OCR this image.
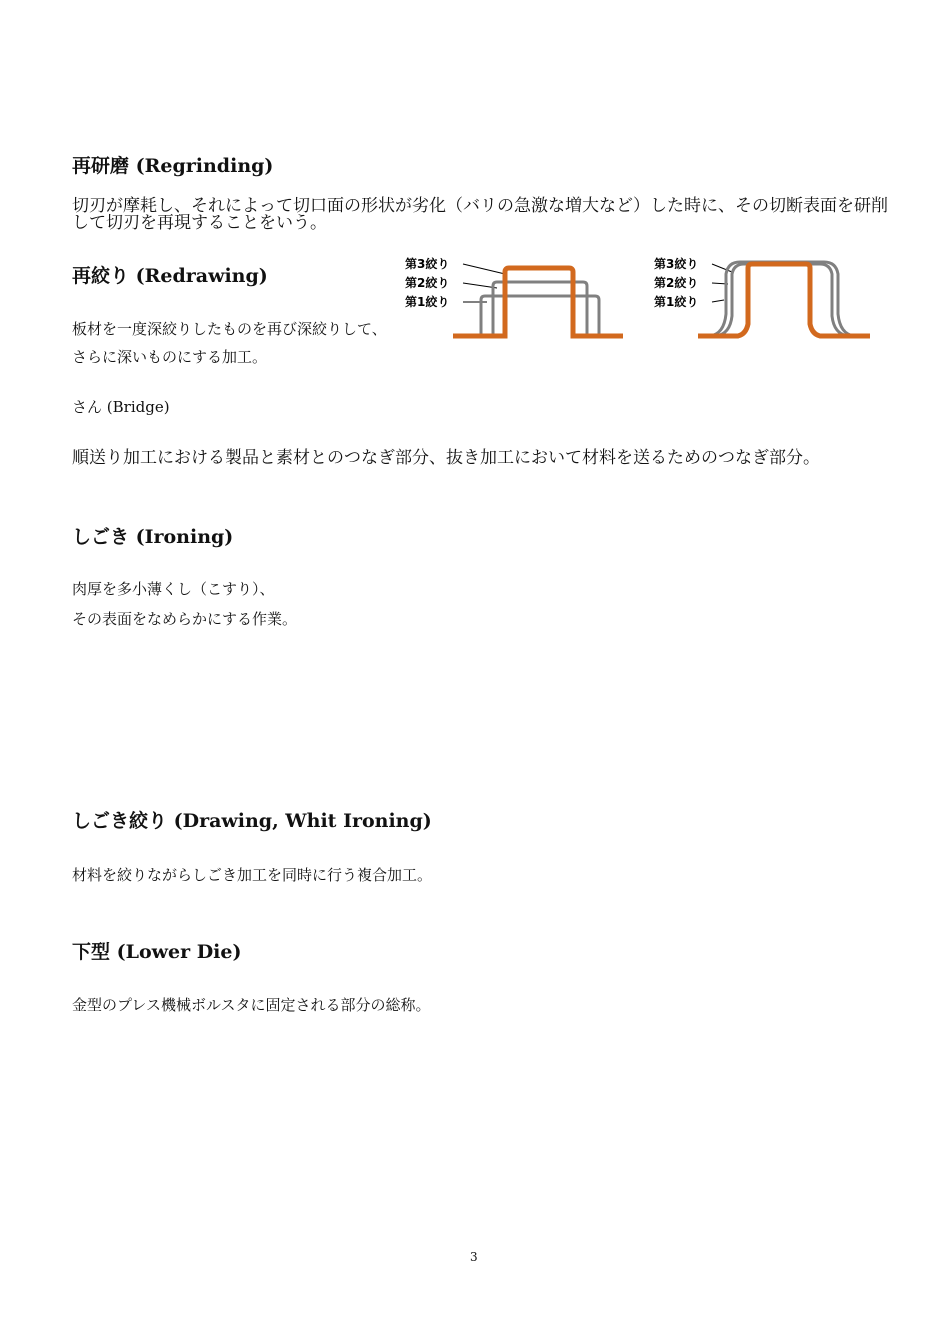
再研磨 (Regrinding)

切刃が摩耗し、それによって切口面の形状が劣化（バリの急激な増大など）した時に、その切断表面を研削して切刃を再現することをいう。

再絞り (Redrawing)

板材を一度深絞りしたものを再び深絞りして、

さらに深いものにする加工。

第3絞り
第2絞り
第1絞り
第3絞り
第2絞り
第1絞り
さん (Bridge)

順送り加工における製品と素材とのつなぎ部分、抜き加工において材料を送るためのつなぎ部分。

しごき (Ironing)

肉厚を多小薄くし（こすり）、

その表面をなめらかにする作業。

しごき絞り (Drawing, Whit Ironing)

材料を絞りながらしごき加工を同時に行う複合加工。

下型 (Lower Die)

金型のプレス機械ボルスタに固定される部分の総称。

3
